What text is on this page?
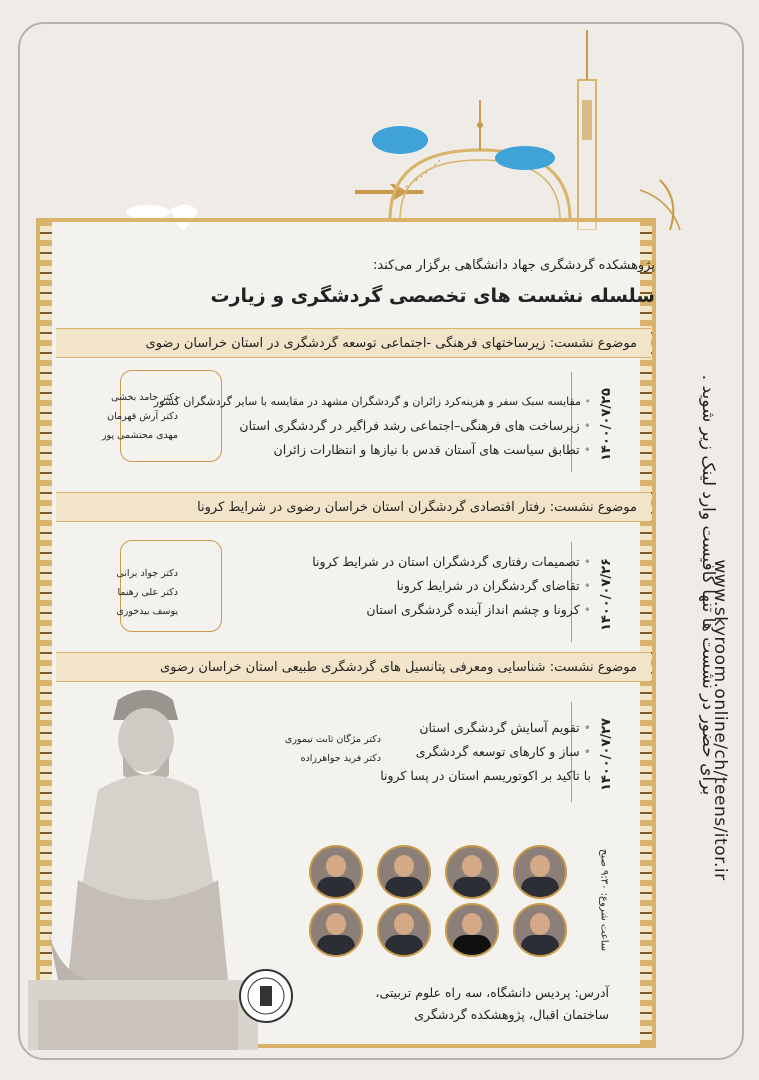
پژوهشکده گردشگری جهاد دانشگاهی برگزار می‌کند:
سلسله نشست های تخصصی گردشگری و زیارت
موضوع نشست: زیرساختهای فرهنگی -اجتماعی توسعه گردشگری در استان خراسان رضوی
دکتر حامد بخشی
دکتر آرش قهرمان
مهدی محتشمی پور
• مقایسه سبک سفر و هزینه‌کرد زائران و گردشگران مشهد در مقایسه با سایر گردشگران کشور
• زیرساخت های فرهنگی–اجتماعی رشد فراگیر در گردشگری استان
• تطابق سیاست های آستان قدس با نیازها و انتظارات زائران	۱۴۰۰/۰۷/۲۵
موضوع نشست: رفتار اقتصادی گردشگران استان خراسان رضوی در شرایط کرونا
دکتر جواد برانی
دکتر علی رهنما
یوسف بیدخوری
• تصمیمات رفتاری گردشگران استان در شرایط کرونا
• تقاضای گردشگران در شرایط کرونا
• کرونا و چشم انداز آینده گردشگری استان	۱۴۰۰/۰۷/۲۶
موضوع نشست: شناسایی ومعرفی پتانسیل های گردشگری طبیعی استان خراسان رضوی
دکتر مژگان ثابت تیموری
دکتر فرید جواهرزاده
• تقویم آسایش گردشگری استان
• ساز و کارهای توسعه گردشگری
با تاکید بر اکوتوریسم استان در پسا کرونا ۱۴۰۰/۰۷/۲۷
ساعت شروع: ۹:۳۰ صبح
آدرس: پردیس دانشگاه، سه راه علوم تربیتی،
ساختمان اقبال، پژوهشکده گردشگری
برای حضور در نشست ها تنها کافیست وارد لینک زیر شوید .
www.skyroom.online/ch/teens/itor.ir
